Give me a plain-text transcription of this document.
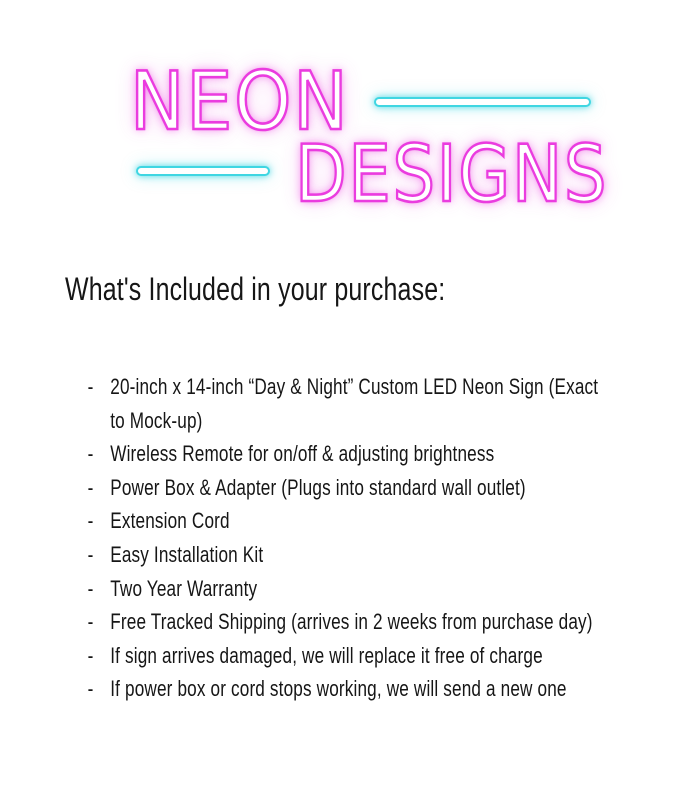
NEON
DESIGNS
What's Included in your purchase:
- 20-inch x 14-inch “Day & Night” Custom LED Neon Sign (Exact
to Mock-up)
- Wireless Remote for on/off & adjusting brightness
- Power Box & Adapter (Plugs into standard wall outlet)
- Extension Cord
- Easy Installation Kit
- Two Year Warranty
- Free Tracked Shipping (arrives in 2 weeks from purchase day)
- If sign arrives damaged, we will replace it free of charge
- If power box or cord stops working, we will send a new one
